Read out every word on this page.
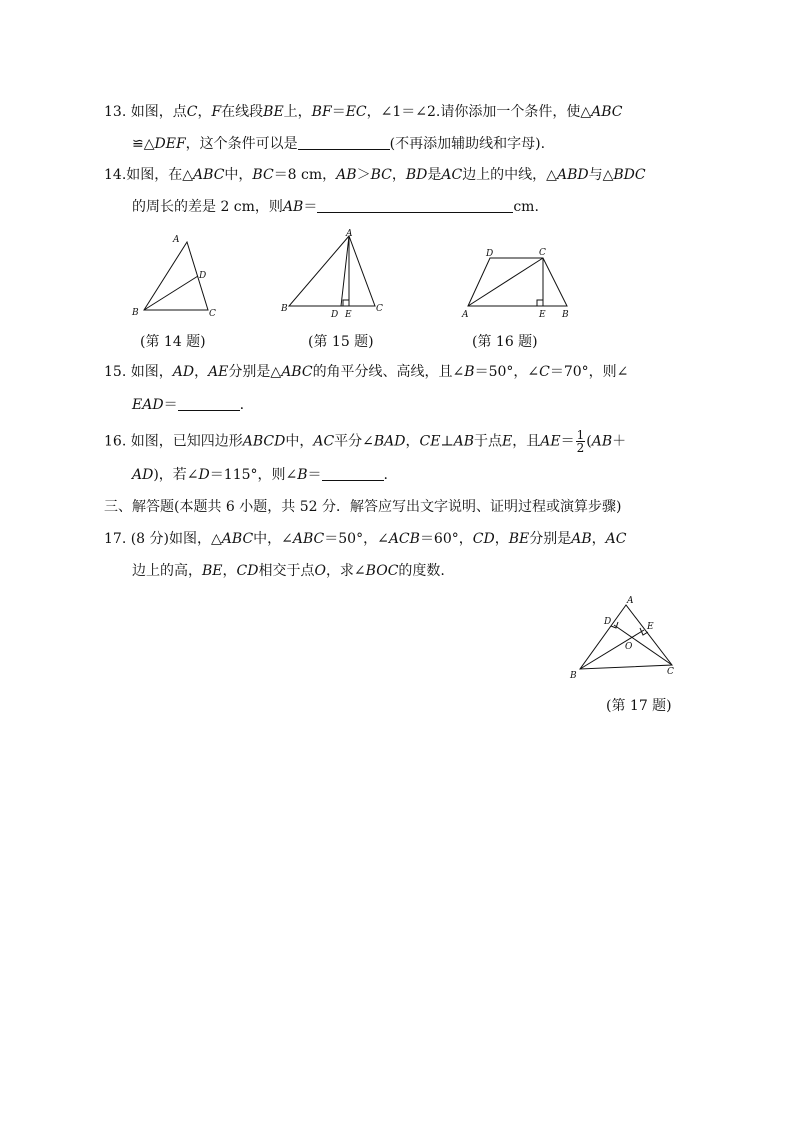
13. 如图，点C，F在线段BE上，BF＝EC，∠1＝∠2.请你添加一个条件，使△ABC
≌△DEF，这个条件可以是	(不再添加辅助线和字母).
14.如图，在△ABC中，BC＝8 cm，AB＞BC，BD是AC边上的中线，△ABD与△BDC
的周长的差是 2 cm，则AB＝	cm.
A
B	C
D
A
B	C
D E
D	C
A	E B
A
B	C
D	E
O
(第 14 题)	(第 15 题)	(第 16 题)
15. 如图，AD，AE分别是△ABC的角平分线、高线，且∠B＝50°，∠C＝70°，则∠
EAD＝	.
16. 如图，已知四边形ABCD中，AC平分∠BAD，CE⊥AB于点E，且$AE= \frac{1}{2} (AB+$
AD)，若∠D＝115°，则∠B＝	.
三、解答题(本题共 6 小题，共 52 分．解答应写出文字说明、证明过程或演算步骤)
17. (8 分)如图，△ABC中，∠ABC＝50°，∠ACB＝60°，CD，BE分别是AB，AC
边上的高，BE，CD相交于点O，求∠BOC的度数.
(第 17 题)
